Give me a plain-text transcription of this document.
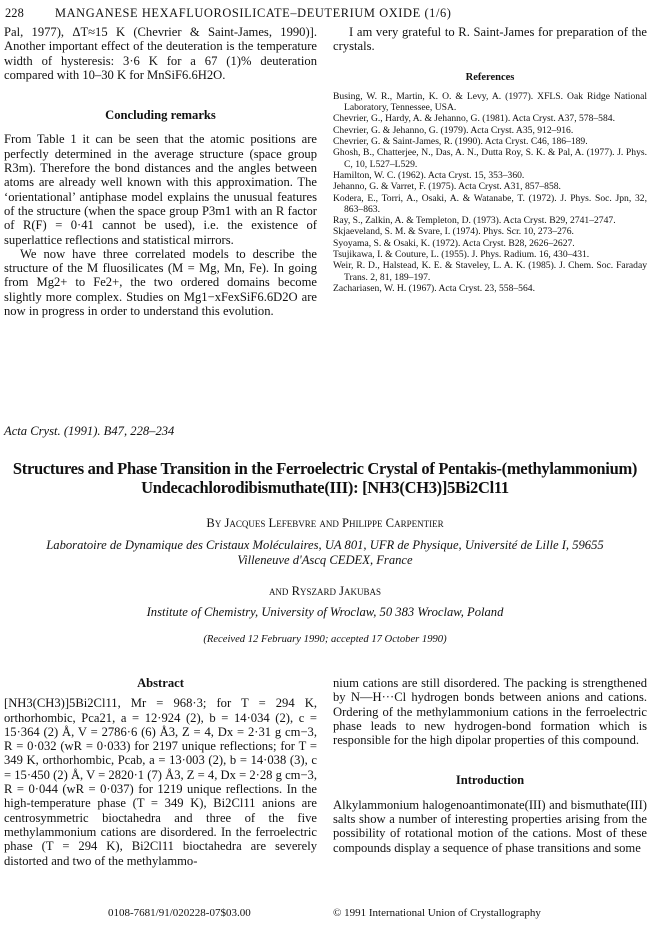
228	MANGANESE HEXAFLUOROSILICATE–DEUTERIUM OXIDE (1/6)

Pal, 1977), ΔT≈15 K (Chevrier & Saint-James, 1990)]. Another important effect of the deuteration is the temperature width of hysteresis: 3·6 K for a 67 (1)% deuteration compared with 10–30 K for MnSiF6.6H2O.

Concluding remarks

From Table 1 it can be seen that the atomic positions are perfectly determined in the average structure (space group R3m). Therefore the bond distances and the angles between atoms are already well known with this approximation. The ‘orientational’ antiphase model explains the unusual features of the structure (when the space group P3m1 with an R factor of R(F) = 0·41 cannot be used), i.e. the existence of superlattice reflections and statistical mirrors.

We now have three correlated models to describe the structure of the M fluosilicates (M = Mg, Mn, Fe). In going from Mg2+ to Fe2+, the two ordered domains become slightly more complex. Studies on Mg1−xFexSiF6.6D2O are now in progress in order to understand this evolution.

I am very grateful to R. Saint-James for preparation of the crystals.

References

Busing, W. R., Martin, K. O. & Levy, A. (1977). XFLS. Oak Ridge National Laboratory, Tennessee, USA.

Chevrier, G., Hardy, A. & Jehanno, G. (1981). Acta Cryst. A37, 578–584.

Chevrier, G. & Jehanno, G. (1979). Acta Cryst. A35, 912–916.

Chevrier, G. & Saint-James, R. (1990). Acta Cryst. C46, 186–189.

Ghosh, B., Chatterjee, N., Das, A. N., Dutta Roy, S. K. & Pal, A. (1977). J. Phys. C, 10, L527–L529.

Hamilton, W. C. (1962). Acta Cryst. 15, 353–360.

Jehanno, G. & Varret, F. (1975). Acta Cryst. A31, 857–858.

Kodera, E., Torri, A., Osaki, A. & Watanabe, T. (1972). J. Phys. Soc. Jpn, 32, 863–863.

Ray, S., Zalkin, A. & Templeton, D. (1973). Acta Cryst. B29, 2741–2747.

Skjaeveland, S. M. & Svare, I. (1974). Phys. Scr. 10, 273–276.

Syoyama, S. & Osaki, K. (1972). Acta Cryst. B28, 2626–2627.

Tsujikawa, I. & Couture, L. (1955). J. Phys. Radium. 16, 430–431.

Weir, R. D., Halstead, K. E. & Staveley, L. A. K. (1985). J. Chem. Soc. Faraday Trans. 2, 81, 189–197.

Zachariasen, W. H. (1967). Acta Cryst. 23, 558–564.

Acta Cryst. (1991). B47, 228–234
Structures and Phase Transition in the Ferroelectric Crystal of Pentakis-(methylammonium) Undecachlorodibismuthate(III): [NH3(CH3)]5Bi2Cl11
By Jacques Lefebvre and Philippe Carpentier
Laboratoire de Dynamique des Cristaux Moléculaires, UA 801, UFR de Physique, Université de Lille I, 59655 Villeneuve d'Ascq CEDEX, France
and Ryszard Jakubas
Institute of Chemistry, University of Wroclaw, 50 383 Wroclaw, Poland
(Received 12 February 1990; accepted 17 October 1990)

Abstract

[NH3(CH3)]5Bi2Cl11, Mr = 968·3; for T = 294 K, orthorhombic, Pca21, a = 12·924 (2), b = 14·034 (2), c = 15·364 (2) Å, V = 2786·6 (6) Å3, Z = 4, Dx = 2·31 g cm−3, R = 0·032 (wR = 0·033) for 2197 unique reflections; for T = 349 K, orthorhombic, Pcab, a = 13·003 (2), b = 14·038 (3), c = 15·450 (2) Å, V = 2820·1 (7) Å3, Z = 4, Dx = 2·28 g cm−3, R = 0·044 (wR = 0·037) for 1219 unique reflections. In the high-temperature phase (T = 349 K), Bi2Cl11 anions are centrosymmetric bioctahedra and three of the five methylammonium cations are disordered. In the ferroelectric phase (T = 294 K), Bi2Cl11 bioctahedra are severely distorted and two of the methylammo-

nium cations are still disordered. The packing is strengthened by N—H···Cl hydrogen bonds between anions and cations. Ordering of the methylammonium cations in the ferroelectric phase leads to new hydrogen-bond formation which is responsible for the high dipolar properties of this compound.

Introduction

Alkylammonium halogenoantimonate(III) and bismuthate(III) salts show a number of interesting properties arising from the possibility of rotational motion of the cations. Most of these compounds display a sequence of phase transitions and some

0108-7681/91/020228-07$03.00	© 1991 International Union of Crystallography
